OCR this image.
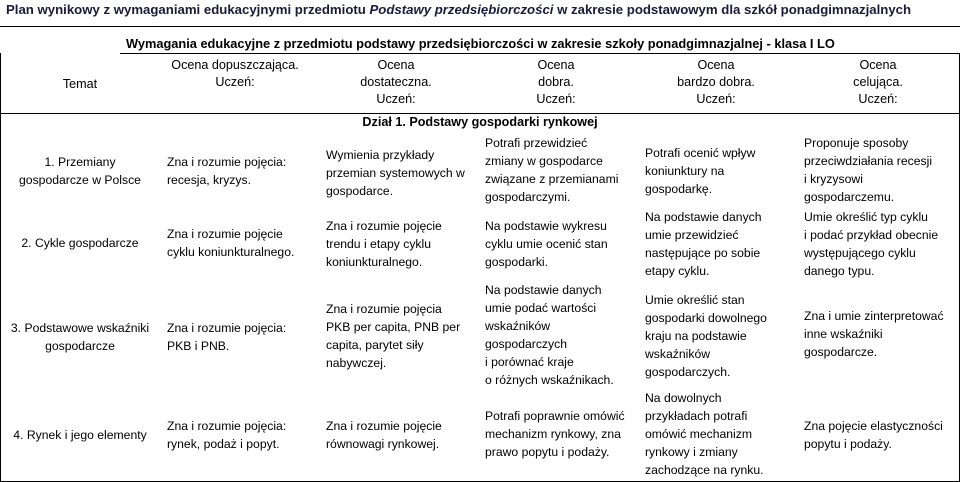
Plan wynikowy z wymaganiami edukacyjnymi przedmiotu Podstawy przedsiębiorczości w zakresie podstawowym dla szkół ponadgimnazjalnych
Wymagania edukacyjne z przedmiotu podstawy przedsiębiorczości w zakresie szkoły ponadgimnazjalnej - klasa I LO
Temat
Ocena dopuszczająca.
Uczeń:
Ocena
dostateczna.
Uczeń:
Ocena
dobra.
Uczeń:
Ocena
bardzo dobra.
Uczeń:
Ocena
celująca.
Uczeń:
Dział 1. Podstawy gospodarki rynkowej
1. Przemiany
gospodarcze w Polsce
2. Cykle gospodarcze
3. Podstawowe wskaźniki
gospodarcze
4. Rynek i jego elementy
Zna i rozumie pojęcia:
recesja, kryzys.
Zna i rozumie pojęcie
cyklu koniunkturalnego.
Zna i rozumie pojęcia:
PKB i PNB.
Zna i rozumie pojęcia:
rynek, podaż i popyt.
Wymienia przykłady
przemian systemowych w
gospodarce.
Zna i rozumie pojęcie
trendu i etapy cyklu
koniunkturalnego.
Zna i rozumie pojęcia
PKB per capita, PNB per
capita, parytet siły
nabywczej.
Zna i rozumie pojęcie
równowagi rynkowej.
Potrafi przewidzieć
zmiany w gospodarce
związane z przemianami
gospodarczymi.
Na podstawie wykresu
cyklu umie ocenić stan
gospodarki.
Na podstawie danych
umie podać wartości
wskaźników
gospodarczych
i porównać kraje
o różnych wskaźnikach.
Potrafi poprawnie omówić
mechanizm rynkowy, zna
prawo popytu i podaży.
Potrafi ocenić wpływ
koniunktury na
gospodarkę.
Na podstawie danych
umie przewidzieć
następujące po sobie
etapy cyklu.
Umie określić stan
gospodarki dowolnego
kraju na podstawie
wskaźników
gospodarczych.
Na dowolnych
przykładach potrafi
omówić mechanizm
rynkowy i zmiany
zachodzące na rynku.
Proponuje sposoby
przeciwdziałania recesji
i kryzysowi
gospodarczemu.
Umie określić typ cyklu
i podać przykład obecnie
występującego cyklu
danego typu.
Zna i umie zinterpretować
inne wskaźniki
gospodarcze.
Zna pojęcie elastyczności
popytu i podaży.
